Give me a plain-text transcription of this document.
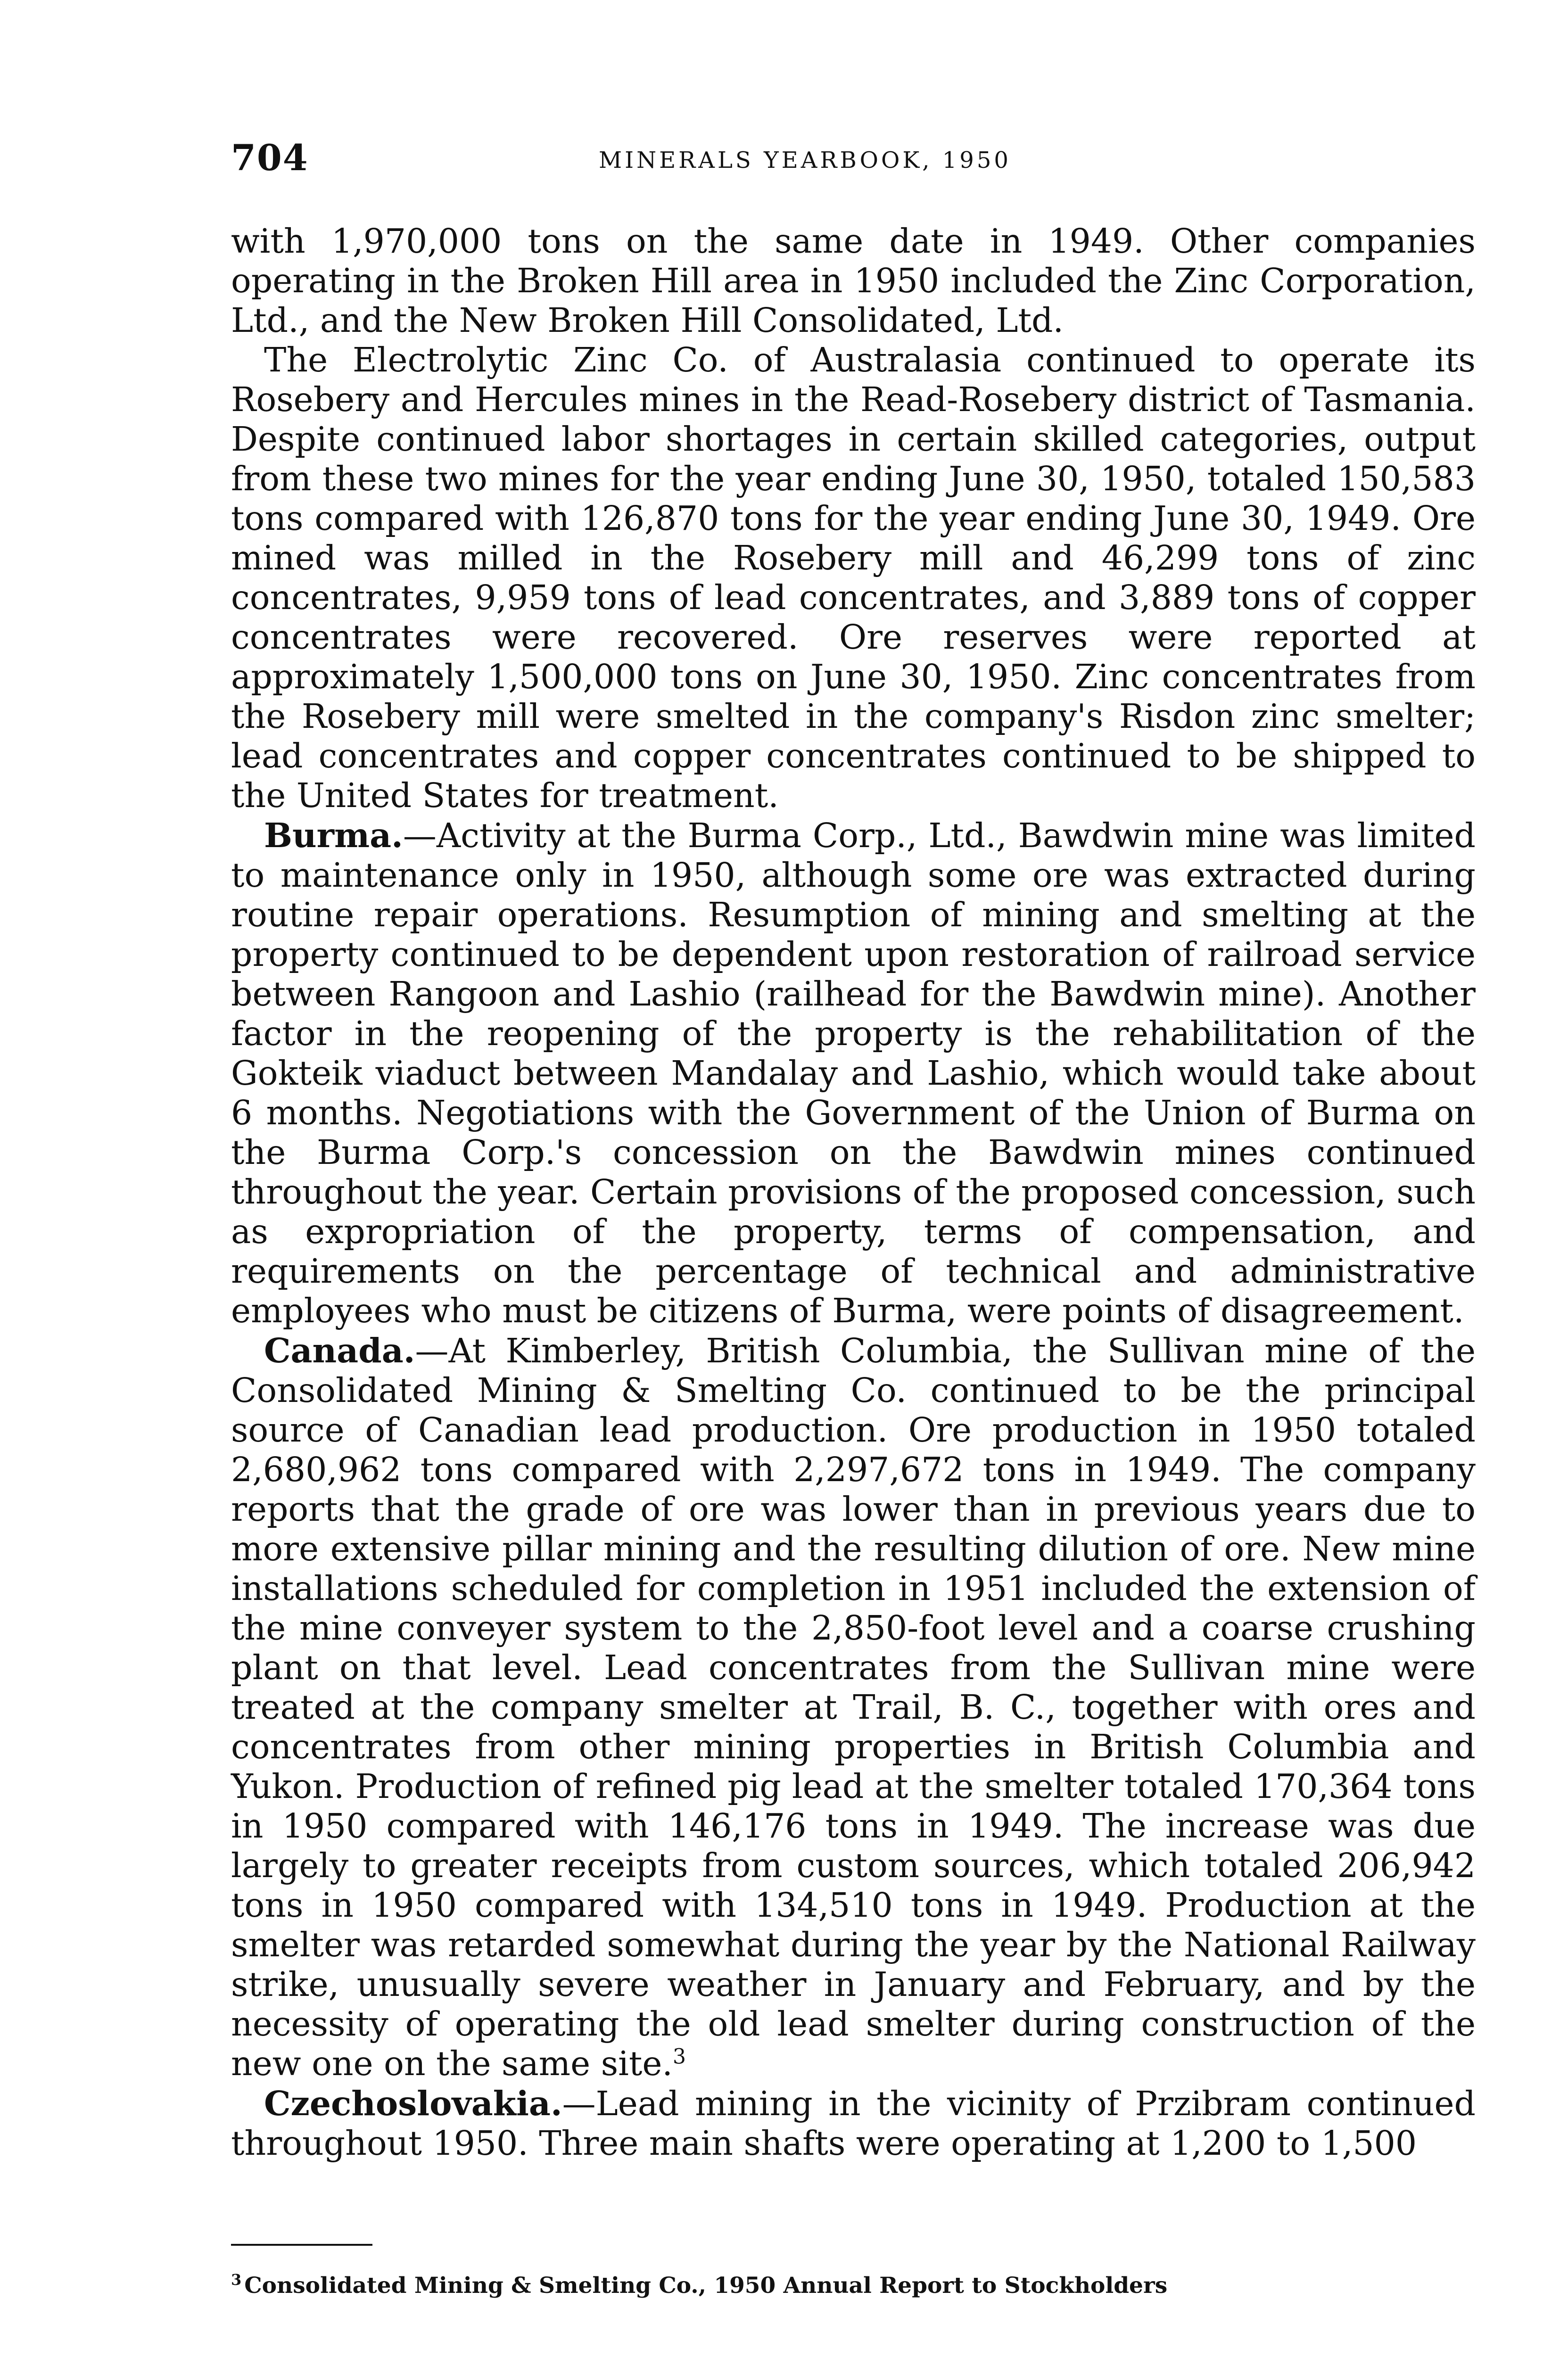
704	MINERALS YEARBOOK, 1950

with 1,970,000 tons on the same date in 1949. Other companies operating in the Broken Hill area in 1950 included the Zinc Corporation, Ltd., and the New Broken Hill Consolidated, Ltd.

The Electrolytic Zinc Co. of Australasia continued to operate its Rosebery and Hercules mines in the Read-Rosebery district of Tasmania. Despite continued labor shortages in certain skilled categories, output from these two mines for the year ending June 30, 1950, totaled 150,583 tons compared with 126,870 tons for the year ending June 30, 1949. Ore mined was milled in the Rosebery mill and 46,299 tons of zinc concentrates, 9,959 tons of lead concentrates, and 3,889 tons of copper concentrates were recovered. Ore reserves were reported at approximately 1,500,000 tons on June 30, 1950. Zinc concentrates from the Rosebery mill were smelted in the company's Risdon zinc smelter; lead concentrates and copper concentrates continued to be shipped to the United States for treatment.

Burma.—Activity at the Burma Corp., Ltd., Bawdwin mine was limited to maintenance only in 1950, although some ore was extracted during routine repair operations. Resumption of mining and smelting at the property continued to be dependent upon restoration of railroad service between Rangoon and Lashio (railhead for the Bawdwin mine). Another factor in the reopening of the property is the rehabilitation of the Gokteik viaduct between Mandalay and Lashio, which would take about 6 months. Negotiations with the Government of the Union of Burma on the Burma Corp.'s concession on the Bawdwin mines continued throughout the year. Certain provisions of the proposed concession, such as expropriation of the property, terms of compensation, and requirements on the percentage of technical and administrative employees who must be citizens of Burma, were points of disagreement.

Canada.—At Kimberley, British Columbia, the Sullivan mine of the Consolidated Mining & Smelting Co. continued to be the principal source of Canadian lead production. Ore production in 1950 totaled 2,680,962 tons compared with 2,297,672 tons in 1949. The company reports that the grade of ore was lower than in previous years due to more extensive pillar mining and the resulting dilution of ore. New mine installations scheduled for completion in 1951 included the extension of the mine conveyer system to the 2,850-foot level and a coarse crushing plant on that level. Lead concentrates from the Sullivan mine were treated at the company smelter at Trail, B. C., together with ores and concentrates from other mining properties in British Columbia and Yukon. Production of refined pig lead at the smelter totaled 170,364 tons in 1950 compared with 146,176 tons in 1949. The increase was due largely to greater receipts from custom sources, which totaled 206,942 tons in 1950 compared with 134,510 tons in 1949. Production at the smelter was retarded somewhat during the year by the National Railway strike, unusually severe weather in January and February, and by the necessity of operating the old lead smelter during construction of the new one on the same site.$^3$

Czechoslovakia.—Lead mining in the vicinity of Przibram continued throughout 1950. Three main shafts were operating at 1,200 to 1,500

$^3$ Consolidated Mining & Smelting Co., 1950 Annual Report to Stockholders
